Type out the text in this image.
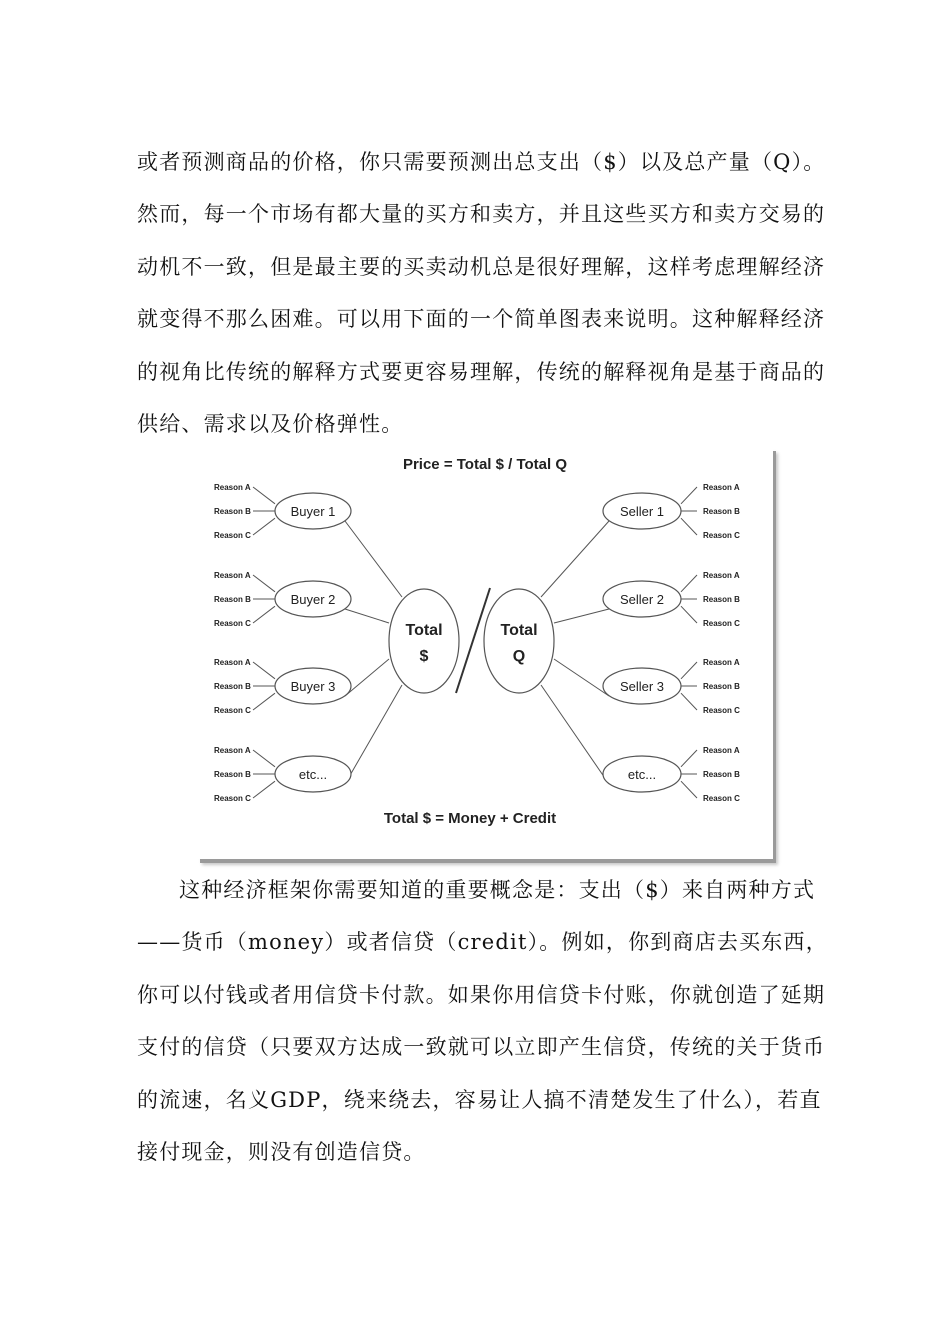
或者预测商品的价格，你只需要预测出总支出（$）以及总产量（Q）。然而，每一个市场有都大量的买方和卖方，并且这些买方和卖方交易的动机不一致，但是最主要的买卖动机总是很好理解，这样考虑理解经济就变得不那么困难。可以用下面的一个简单图表来说明。这种解释经济的视角比传统的解释方式要更容易理解，传统的解释视角是基于商品的供给、需求以及价格弹性。

Total
$
Total
Q
Reason A
Reason B
Reason C
Buyer 1
Reason A
Reason B
Reason C
Seller 1
Reason A
Reason B
Reason C
Buyer 2
Reason A
Reason B
Reason C
Seller 2
Reason A
Reason B
Reason C
Buyer 3
Reason A
Reason B
Reason C
Seller 3
Reason A
Reason B
Reason C
etc...
Reason A
Reason B
Reason C
etc...
Price = Total $ / Total Q
Total $ = Money + Credit

这种经济框架你需要知道的重要概念是：支出（$）来自两种方式——货币（money）或者信贷（credit）。例如，你到商店去买东西，你可以付钱或者用信贷卡付款。如果你用信贷卡付账，你就创造了延期支付的信贷（只要双方达成一致就可以立即产生信贷，传统的关于货币的流速，名义GDP，绕来绕去，容易让人搞不清楚发生了什么），若直接付现金，则没有创造信贷。
